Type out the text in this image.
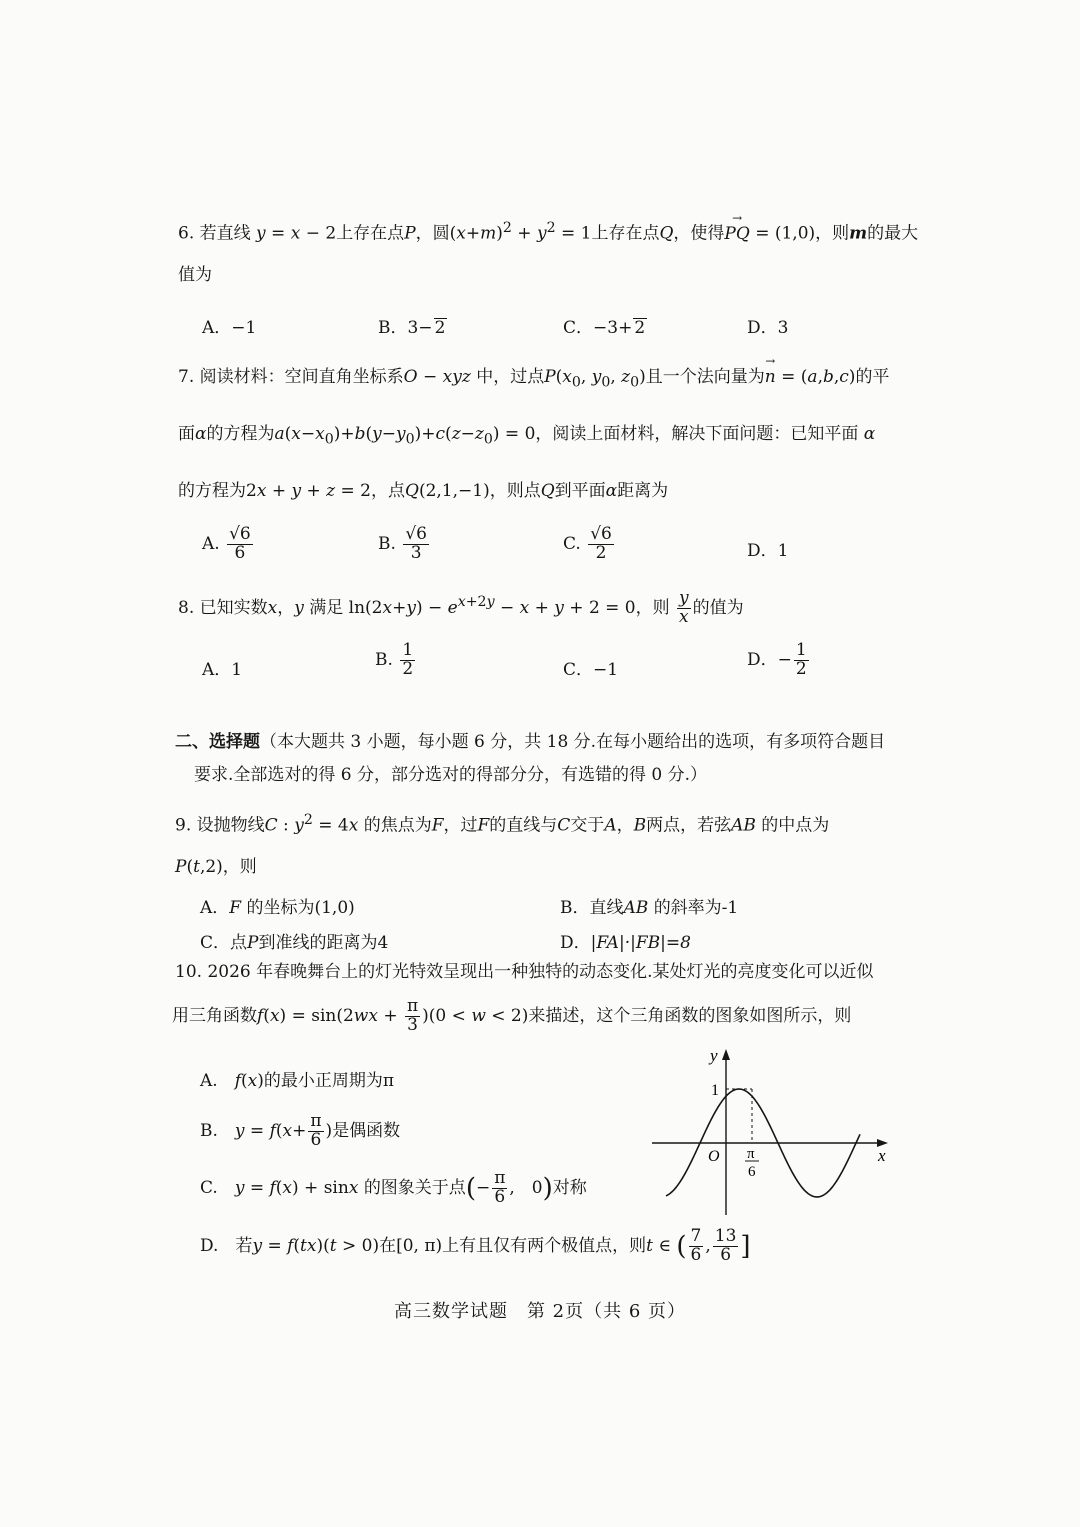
6. 若直线 y = x − 2上存在点P，圆$(x+m)^2 + y^2 = 1$上存在点Q，使得→ PQ = (1,0)，则m的最大
值为
A．−1	B．3− 2	C．−3+ 2	D．3
7. 阅读材料：空间直角坐标系O − xyz 中，过点$P(x_0$, $y_0$, $z_0$)且一个法向量为→ n = (a,b,c)的平
面α的方程为$a(x-x_0)+b(y-y_0)+c(z-z_0) = 0$，阅读上面材料，解决下面问题：已知平面 α
的方程为2x + y + z = 2，点Q(2,1,−1)，则点Q到平面α距离为
A. $\frac{√6}{6}$	B. $\frac{√6}{3}$	C. $\frac{√6}{2}$	D．1
8. 已知实数x，y 满足 $\ln(2x+y) - e^{x+2y} - x + y + 2 = 0$，则 $\frac{y}{x}$ 的值为
A．1
B. $\frac{1}{2}$	C．−1
D．− $\frac{1}{2}$
二、选择题（本大题共 3 小题，每小题 6 分，共 18 分.在每小题给出的选项，有多项符合题目
要求.全部选对的得 6 分，部分选对的得部分分，有选错的得 0 分.）
9. 设抛物线C : $y^2 = 4x$ 的焦点为F，过F的直线与C交于A，B两点，若弦AB 的中点为
P(t,2)，则
A．F 的坐标为(1,0)	B．直线AB 的斜率为-1
C．点P到准线的距离为4	D．|FA|·|FB|=8
10. 2026 年春晚舞台上的灯光特效呈现出一种独特的动态变化.某处灯光的亮度变化可以近似
用三角函数$f(x) = \sin(2wx + \frac{\pi}{3} )(0 < w < 2)$来描述，这个三角函数的图象如图所示，则
A.　f(x)的最小正周期为π
B.　$y = f(x+ \frac{\pi}{6}$ )是偶函数
C.　y = f(x) + sinx 的图象关于点(− $\frac{\pi}{6}$ ,　0)对称
D.　若y = f(tx)(t > 0)在[0, π)上有且仅有两个极值点，则t ∈ ( $\frac{7}{6}$ , $\frac{13}{6}$ ]
y
x
O
1
π
6
高三数学试题　第 2页（共 6 页）
